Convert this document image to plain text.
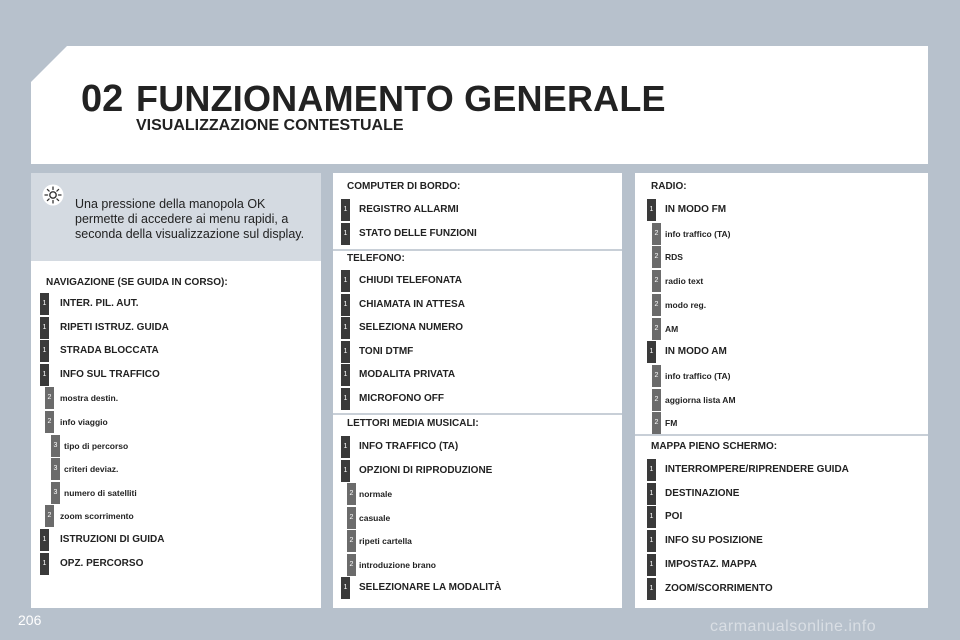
02 FUNZIONAMENTO GENERALE
VISUALIZZAZIONE CONTESTUALE
Una pressione della manopola OK permette di accedere ai menu rapidi, a seconda della visualizzazione sul display.
NAVIGAZIONE (SE GUIDA IN CORSO):
1 INTER. PIL. AUT.
1 RIPETI ISTRUZ. GUIDA
1 STRADA BLOCCATA
1 INFO SUL TRAFFICO
2 mostra destin.
2 info viaggio
3 tipo di percorso
3 criteri deviaz.
3 numero di satelliti
2 zoom scorrimento
1 ISTRUZIONI DI GUIDA
1 OPZ. PERCORSO
COMPUTER DI BORDO:
1 REGISTRO ALLARMI
1 STATO DELLE FUNZIONI
TELEFONO:
1 CHIUDI TELEFONATA
1 CHIAMATA IN ATTESA
1 SELEZIONA NUMERO
1 TONI DTMF
1 MODALITA PRIVATA
1 MICROFONO OFF
LETTORI MEDIA MUSICALI:
1 INFO TRAFFICO (TA)
1 OPZIONI DI RIPRODUZIONE
2 normale
2 casuale
2 ripeti cartella
2 introduzione brano
1 SELEZIONARE LA MODALITÀ
RADIO:
1 IN MODO FM
2 info traffico (TA)
2 RDS
2 radio text
2 modo reg.
2 AM
1 IN MODO AM
2 info traffico (TA)
2 aggiorna lista AM
2 FM
MAPPA PIENO SCHERMO:
1 INTERROMPERE/RIPRENDERE GUIDA
1 DESTINAZIONE
1 POI
1 INFO SU POSIZIONE
1 IMPOSTAZ. MAPPA
1 ZOOM/SCORRIMENTO
206	carmanualsonline.info
